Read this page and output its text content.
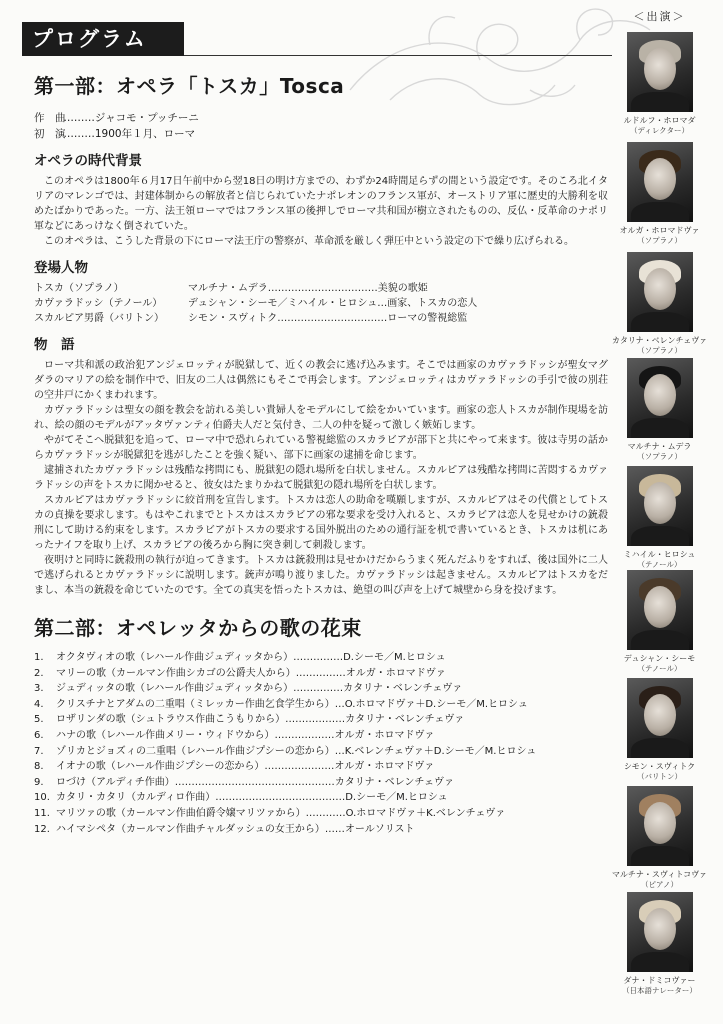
プログラム
第一部：オペラ「トスカ」Tosca
作　曲 ………ジャコモ・プッチーニ
初　演 ………1900年１月、ローマ
オペラの時代背景

このオペラは1800年６月17日午前中から翌18日の明け方までの、わずか24時間足らずの間という設定です。そのころ北イタリアのマレンゴでは、封建体制からの解放者と信じられていたナポレオンのフランス軍が、オーストリア軍に歴史的大勝利を収めたばかりであった。一方、法王領ローマではフランス軍の後押しでローマ共和国が樹立されたものの、反仏・反革命のナポリ軍などにあっけなく倒されていた。

このオペラは、こうした背景の下にローマ法王庁の警察が、革命派を厳しく弾圧中という設定の下で繰り広げられる。

登場人物
トスカ（ソプラノ）	マルチナ・ムデラ……………………………美貌の歌姫
カヴァラドッシ（テノール）	デュシャン・シーモ／ミハイル・ヒロシュ…画家、トスカの恋人
スカルピア男爵（バリトン） シモン・スヴィトク……………………………ローマの警視総監
物　語

ローマ共和派の政治犯アンジェロッティが脱獄して、近くの教会に逃げ込みます。そこでは画家のカヴァラドッシが聖女マグダラのマリアの絵を制作中で、旧友の二人は偶然にもそこで再会します。アンジェロッティはカヴァラドッシの手引で彼の別荘の空井戸にかくまわれます。

カヴァラドッシは聖女の顔を教会を訪れる美しい貴婦人をモデルにして絵をかいています。画家の恋人トスカが制作現場を訪れ、絵の顔のモデルがアッタヴァンティ伯爵夫人だと気付き、二人の仲を疑って激しく嫉妬します。

やがてそこへ脱獄犯を追って、ローマ中で恐れられている警視総監のスカラビアが部下と共にやって来ます。彼は寺男の話からカヴァラドッシが脱獄犯を逃がしたことを強く疑い、部下に画家の逮捕を命じます。

逮捕されたカヴァラドッシは残酷な拷問にも、脱獄犯の隠れ場所を白状しません。スカルピアは残酷な拷問に苦悶するカヴァラドッシの声をトスカに聞かせると、彼女はたまりかねて脱獄犯の隠れ場所を白状します。

スカルピアはカヴァラドッシに絞首刑を宣告します。トスカは恋人の助命を嘆願しますが、スカルピアはその代償としてトスカの貞操を要求します。もはやこれまでとトスカはスカラビアの邪な要求を受け入れると、スカラビアは恋人を見せかけの銃殺刑にして助ける約束をします。スカラビアがトスカの要求する国外脱出のための通行証を机で書いているとき、トスカは机にあったナイフを取り上げ、スカラビアの後ろから胸に突き刺して刺殺します。

夜明けと同時に銃殺刑の執行が迫ってきます。トスカは銃殺刑は見せかけだからうまく死んだふりをすれば、後は国外に二人で逃げられるとカヴァラドッシに説明します。銃声が鳴り渡りました。カヴァラドッシは起きません。スカルピアはトスカをだまし、本当の銃殺を命じていたのです。全ての真実を悟ったトスカは、絶望の叫び声を上げて城壁から身を投げます。

第二部：オペレッタからの歌の花束
1. オクタヴィオの歌（レハール作曲ジュディッタから）……………D.シーモ／M.ヒロシュ
2. マリーの歌（カールマン作曲シカゴの公爵夫人から）……………オルガ・ホロマドヴァ
3. ジュディッタの歌（レハール作曲ジュディッタから）……………カタリナ・ベレンチェヴァ
4. クリスチナとアダムの二重唱（ミレッカー作曲乞食学生から）…O.ホロマドヴァ＋D.シーモ／M.ヒロシュ
5. ロザリンダの歌（シュトラウス作曲こうもりから）………………カタリナ・ベレンチェヴァ
6. ハナの歌（レハール作曲メリー・ウィドウから）………………オルガ・ホロマドヴァ
7. ゾリカとジョズィの二重唱（レハール作曲ジプシーの恋から）…K.ベレンチェヴァ＋D.シーモ／M.ヒロシュ
8. イオナの歌（レハール作曲ジプシーの恋から）…………………オルガ・ホロマドヴァ
9. ロづけ（アルディチ作曲）…………………………………………カタリナ・ベレンチェヴァ
10. カタリ・カタリ（カルディロ作曲）…………………………………D.シーモ／M.ヒロシュ
11. マリツァの歌（カールマン作曲伯爵令嬢マリツァから）…………O.ホロマドヴァ＋K.ベレンチェヴァ
12. ハイマシペタ（カールマン作曲チャルダッシュの女王から）……オールソリスト
＜出演＞
ルドルフ・ホロマダ
（ディレクター）
オルガ・ホロマドヴァ
（ソプラノ）
カタリナ・ベレンチェヴァ
（ソプラノ）
マルチナ・ムデラ
（ソプラノ）
ミハイル・ヒロシュ
（テノール）
デュシャン・シーモ
（テノール）
シモン・スヴィトク
（バリトン）
マルチナ・スヴィトコヴァ
（ピアノ）
ダナ・ドミコヴァー
（日本語ナレーター）
